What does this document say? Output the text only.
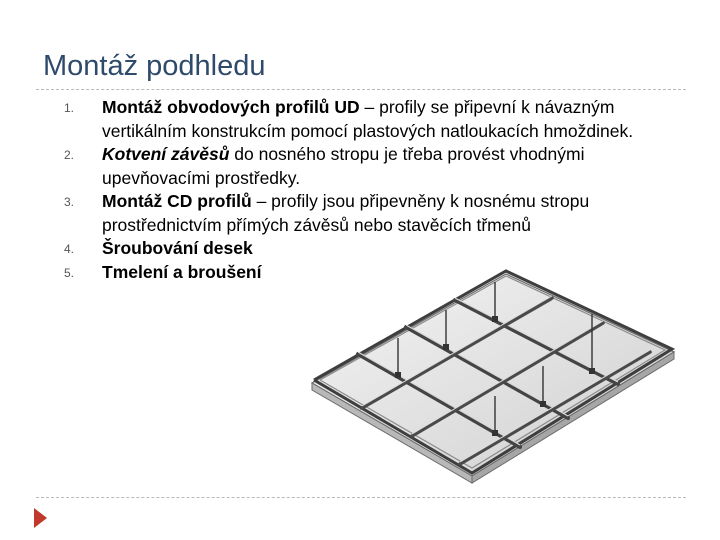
Montáž podhledu
1. Montáž obvodových profilů UD – profily se připevní k návazným vertikálním konstrukcím pomocí plastových natloukacích hmoždinek.
2. Kotvení závěsů do nosného stropu je třeba provést vhodnými upevňovacími prostředky.
3. Montáž CD profilů – profily jsou připevněny k nosnému stropu prostřednictvím přímých závěsů nebo stavěcích třmenů
4. Šroubování desek
5. Tmelení a broušení
